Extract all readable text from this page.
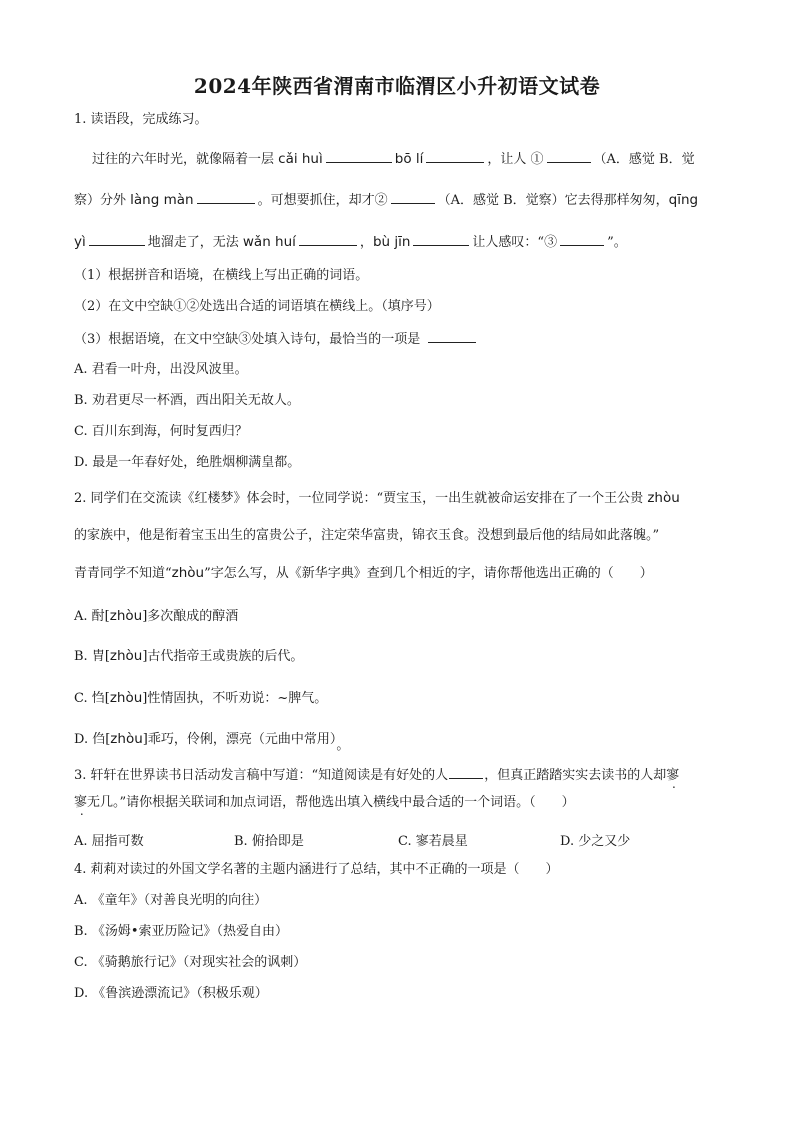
2024年陕西省渭南市临渭区小升初语文试卷
1. 读语段，完成练习。
过往的六年时光，就像隔着一层 cǎi huì	bō lí	，让人 ①	（A．感觉 B．觉
察）分外 làng màn	。可想要抓住，却才②	（A．感觉 B．觉察）它去得那样匆匆，qīng
yì	地溜走了，无法 wǎn huí	，bù jīn	让人感叹：“③	”。
（1）根据拼音和语境，在横线上写出正确的词语。
（2）在文中空缺①②处选出合适的词语填在横线上。（填序号）
（3）根据语境，在文中空缺③处填入诗句，最恰当的一项是
A. 君看一叶舟，出没风波里。
B. 劝君更尽一杯酒，西出阳关无故人。
C. 百川东到海，何时复西归？
D. 最是一年春好处，绝胜烟柳满皇都。
2. 同学们在交流读《红楼梦》体会时，一位同学说：“贾宝玉，一出生就被命运安排在了一个王公贵 zhòu
的家族中，他是衔着宝玉出生的富贵公子，注定荣华富贵，锦衣玉食。没想到最后他的结局如此落魄。”
青青同学不知道“zhòu”字怎么写，从《新华字典》查到几个相近的字，请你帮他选出正确的（　　）
A. 酎[zhòu]多次酿成的醇酒
B. 胄[zhòu]古代指帝王或贵族的后代。
C. 㤘[zhòu]性情固执，不听劝说：~脾气。
D. 㑇[zhòu]乖巧，伶俐，漂亮（元曲中常用）。
3. 轩轩在世界读书日活动发言稿中写道：“知道阅读是有好处的人	，但真正踏踏实实去读书的人却寥
寥无几。”请你根据关联词和加点词语，帮他选出填入横线中最合适的一个词语。（　　）
A. 屈指可数	B. 俯拾即是	C. 寥若晨星	D. 少之又少
4. 莉莉对读过的外国文学名著的主题内涵进行了总结，其中不正确的一项是（　　）
A. 《童年》（对善良光明的向往）
B. 《汤姆•索亚历险记》（热爱自由）
C. 《骑鹅旅行记》（对现实社会的讽刺）
D. 《鲁滨逊漂流记》（积极乐观）
